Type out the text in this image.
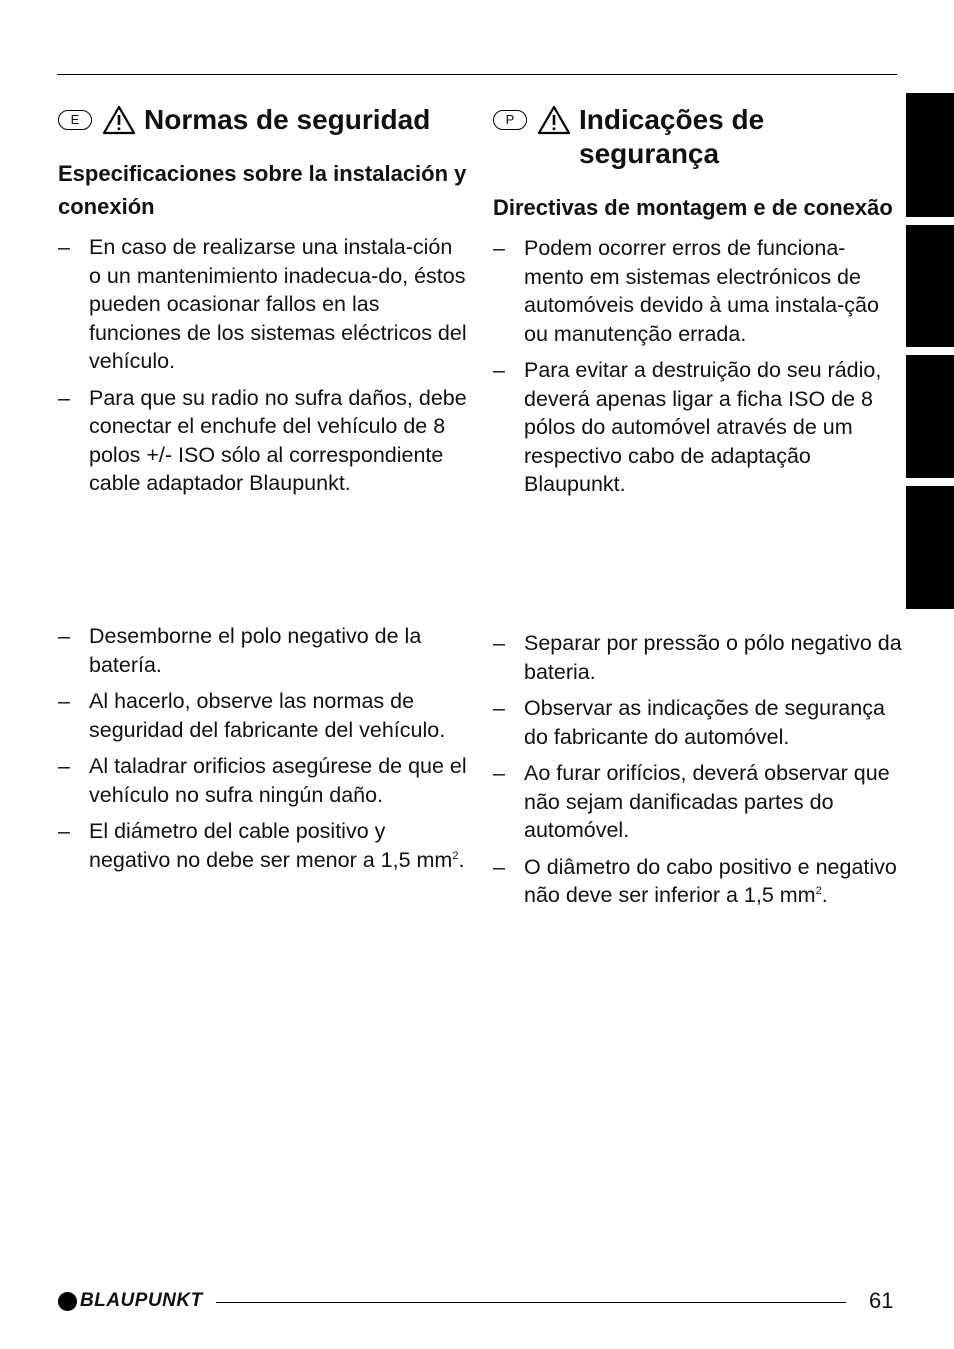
E	Normas de seguridad
Especificaciones sobre la instalación y conexión
– En caso de realizarse una instala-ción o un mantenimiento inadecua-do, éstos pueden ocasionar fallos en las funciones de los sistemas eléctricos del vehículo.
– Para que su radio no sufra daños, debe conectar el enchufe del vehículo de 8 polos +/- ISO sólo al correspondiente cable adaptador Blaupunkt.
– Desemborne el polo negativo de la batería.
– Al hacerlo, observe las normas de seguridad del fabricante del vehículo.
– Al taladrar orificios asegúrese de que el vehículo no sufra ningún daño.
– El diámetro del cable positivo y negativo no debe ser menor a 1,5 $mm^2$.
P	Indicações de segurança
Directivas de montagem e de conexão
– Podem ocorrer erros de funciona-mento em sistemas electrónicos de automóveis devido à uma instala-ção ou manutenção errada.
– Para evitar a destruição do seu rádio, deverá apenas ligar a ficha ISO de 8 pólos do automóvel através de um respectivo cabo de adaptação Blaupunkt.
– Separar por pressão o pólo negativo da bateria.
– Observar as indicações de segurança do fabricante do automóvel.
– Ao furar orifícios, deverá observar que não sejam danificadas partes do automóvel.
– O diâmetro do cabo positivo e negativo não deve ser inferior a 1,5 $mm^2$.
BLAUPUNKT	61
